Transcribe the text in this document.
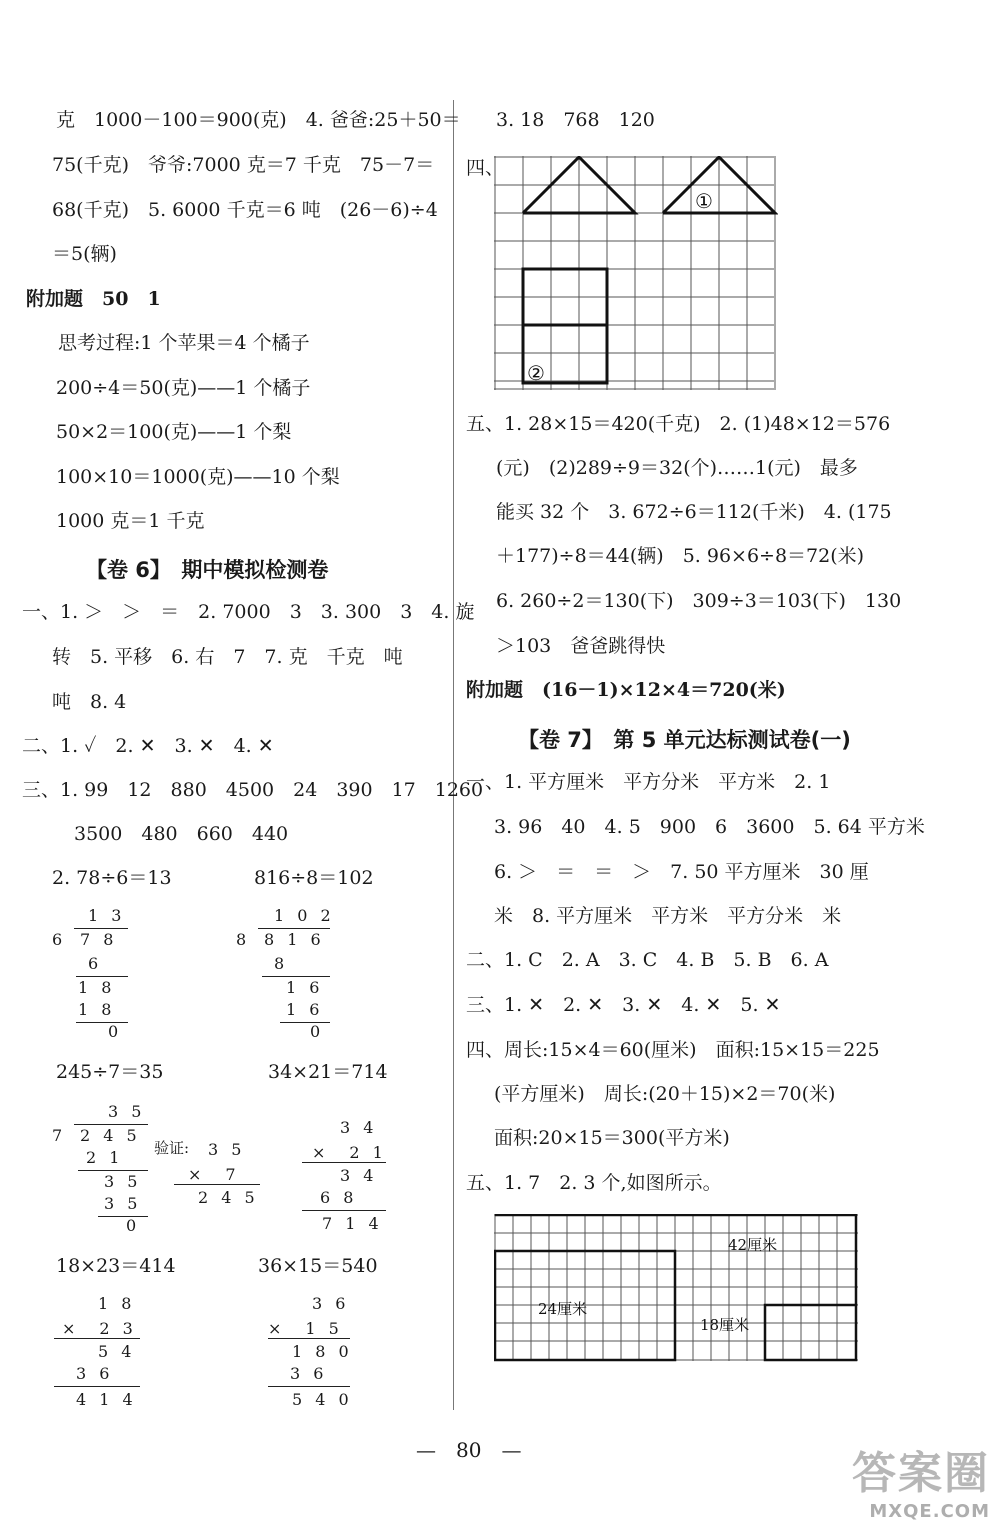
克　1000－100＝900(克)　4. 爸爸:25＋50＝
75(千克)　爷爷:7000 克＝7 千克　75－7＝
68(千克)　5. 6000 千克＝6 吨　(26－6)÷4
＝5(辆)
附加题　50　1
思考过程:1 个苹果＝4 个橘子
200÷4＝50(克)——1 个橘子
50×2＝100(克)——1 个梨
100×10＝1000(克)——10 个梨
1000 克＝1 千克
【卷 6】　期中模拟检测卷
一、1. ＞　＞　＝　2. 7000　3　3. 300　3　4. 旋
转　5. 平移　6. 右　7　7. 克　千克　吨
吨　8. 4
二、1. ✓　2. ✕　3. ✕　4. ✕
三、1. 99　12　880　4500　24　390　17　1260
3500　480　660　440
2. 78÷6＝13	816÷8＝102
1 3
6 7 8
6
1 8
1 8
0
1 0 2
8 8 1 6
8
1 6
1 6
0
245÷7＝35	34×21＝714
3 5
7 2 4 5
2 1
3 5
3 5
0
验证: 3 5
×　7
2 4 5
3 4
×　2 1
3 4
6 8
7 1 4
18×23＝414	36×15＝540
1 8
×　2 3
5 4
3 6
4 1 4
3 6
×　1 5
1 8 0
3 6
5 4 0
3. 18　768　120
四、
①
②
五、1. 28×15＝420(千克)　2. (1)48×12＝576
(元)　(2)289÷9＝32(个)……1(元)　最多
能买 32 个　3. 672÷6＝112(千米)　4. (175
＋177)÷8＝44(辆)　5. 96×6÷8＝72(米)
6. 260÷2＝130(下)　309÷3＝103(下)　130
＞103　爸爸跳得快
附加题　(16－1)×12×4＝720(米)
【卷 7】　第 5 单元达标测试卷(一)
一、1. 平方厘米　平方分米　平方米　2. 1
3. 96　40　4. 5　900　6　3600　5. 64 平方米
6. ＞　＝　＝　＞　7. 50 平方厘米　30 厘
米　8. 平方厘米　平方米　平方分米　米
二、1. C　2. A　3. C　4. B　5. B　6. A
三、1. ✕　2. ✕　3. ✕　4. ✕　5. ✕
四、周长:15×4＝60(厘米)　面积:15×15＝225
(平方厘米)　周长:(20＋15)×2＝70(米)
面积:20×15＝300(平方米)
五、1. 7　2. 3 个,如图所示。
42厘米
24厘米
18厘米
—　80　—	答案圈
MXQE.COM
